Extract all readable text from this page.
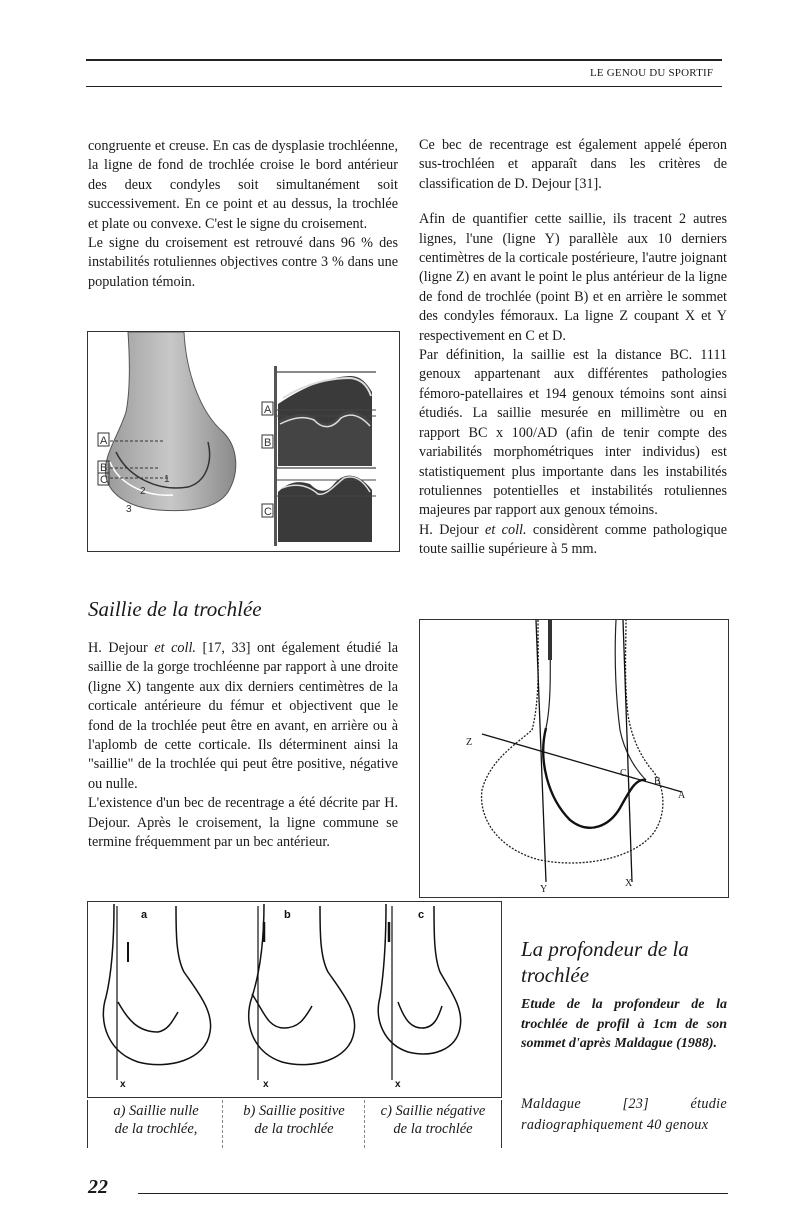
LE GENOU DU SPORTIF

congruente et creuse. En cas de dysplasie trochléenne, la ligne de fond de trochlée croise le bord antérieur des deux condyles soit simultanément soit successivement. En ce point et au dessus, la trochlée et plate ou convexe. C'est le signe du croisement.

Le signe du croisement est retrouvé dans 96 % des instabilités rotuliennes objectives contre 3 % dans une population témoin.

A
B
C	1
2
3
A
B
C
Saillie de la trochlée

H. Dejour et coll. [17, 33] ont également étudié la saillie de la gorge trochléenne par rapport à une droite (ligne X) tangente aux dix derniers centimètres de la corticale antérieure du fémur et objectivent que le fond de la trochlée peut être en avant, en arrière ou à l'aplomb de cette corticale. Ils déterminent ainsi la "saillie" de la trochlée qui peut être positive, négative ou nulle.

L'existence d'un bec de recentrage a été décrite par H. Dejour. Après le croisement, la ligne commune se termine fréquemment par un bec antérieur.

Ce bec de recentrage est également appelé éperon sus-trochléen et apparaît dans les critères de classification de D. Dejour [31].

Afin de quantifier cette saillie, ils tracent 2 autres lignes, l'une (ligne Y) parallèle aux 10 derniers centimètres de la corticale postérieure, l'autre joignant (ligne Z) en avant le point le plus antérieur de la ligne de fond de trochlée (point B) et en arrière le sommet des condyles fémoraux. La ligne Z coupant X et Y respectivement en C et D.

Par définition, la saillie est la distance BC. 1111 genoux appartenant aux différentes pathologies fémoro-patellaires et 194 genoux témoins sont ainsi étudiés. La saillie mesurée en millimètre ou en rapport BC x 100/AD (afin de tenir compte des variabilités morphométriques inter individus) est statistiquement plus importante dans les instabilités rotuliennes potentielles et instabilités rotuliennes majeures par rapport aux genoux témoins.

H. Dejour et coll. considèrent comme pathologique toute saillie supérieure à 5 mm.

Z
C
B
A
Y
X
a	b	c
x	x	x
a) Saillie nulle
de la trochlée,
b) Saillie positive
de la trochlée
c) Saillie négative
de la trochlée
La profondeur de la
trochlée
Etude de la profondeur de la trochlée de profil à 1cm de son sommet d'après Maldague (1988).
Maldague [23] étudie radiographiquement 40 genoux
22
